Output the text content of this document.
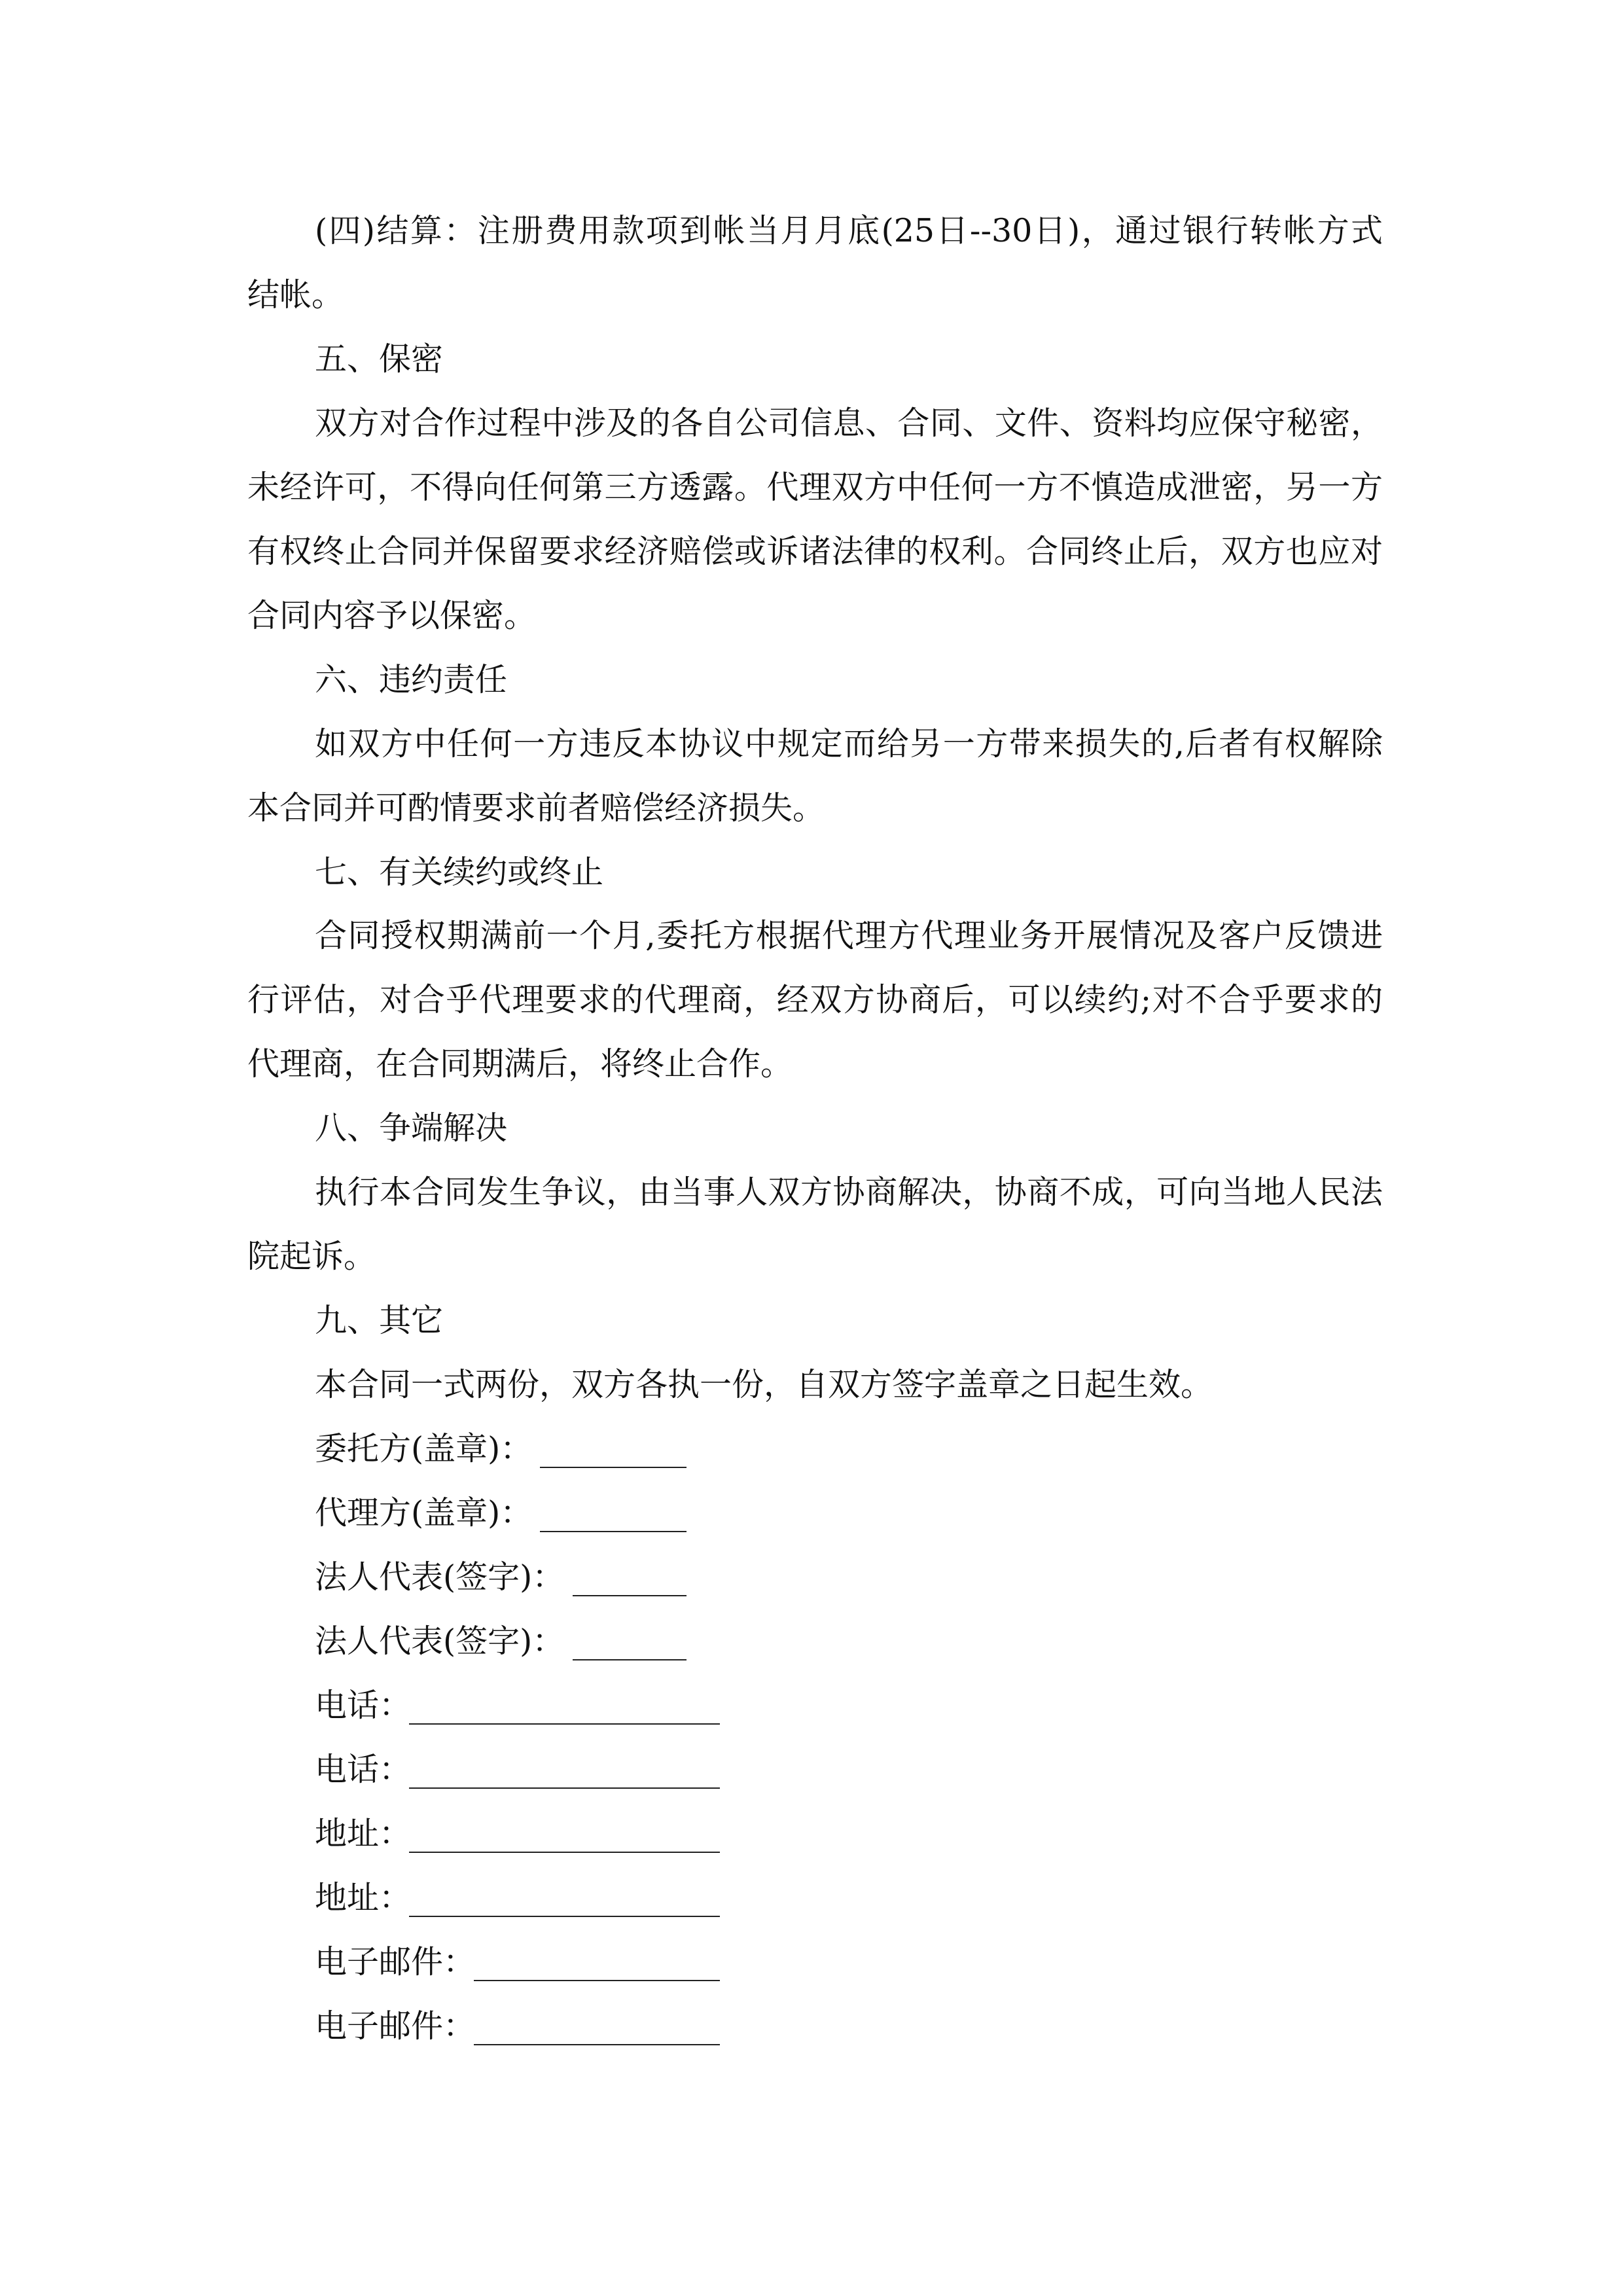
(四)结算：注册费用款项到帐当月月底(25日--30日)，通过银行转帐方式
结帐。
五、保密
双方对合作过程中涉及的各自公司信息、合同、文件、资料均应保守秘密，
未经许可，不得向任何第三方透露。代理双方中任何一方不慎造成泄密，另一方
有权终止合同并保留要求经济赔偿或诉诸法律的权利。合同终止后，双方也应对
合同内容予以保密。
六、违约责任
如双方中任何一方违反本协议中规定而给另一方带来损失的,后者有权解除
本合同并可酌情要求前者赔偿经济损失。
七、有关续约或终止
合同授权期满前一个月,委托方根据代理方代理业务开展情况及客户反馈进
行评估，对合乎代理要求的代理商，经双方协商后，可以续约;对不合乎要求的
代理商，在合同期满后，将终止合作。
八、争端解决
执行本合同发生争议，由当事人双方协商解决，协商不成，可向当地人民法
院起诉。
九、其它
本合同一式两份，双方各执一份，自双方签字盖章之日起生效。
委托方(盖章)：
代理方(盖章)：
法人代表(签字)：
法人代表(签字)：
电话：
电话：
地址：
地址：
电子邮件：
电子邮件：
